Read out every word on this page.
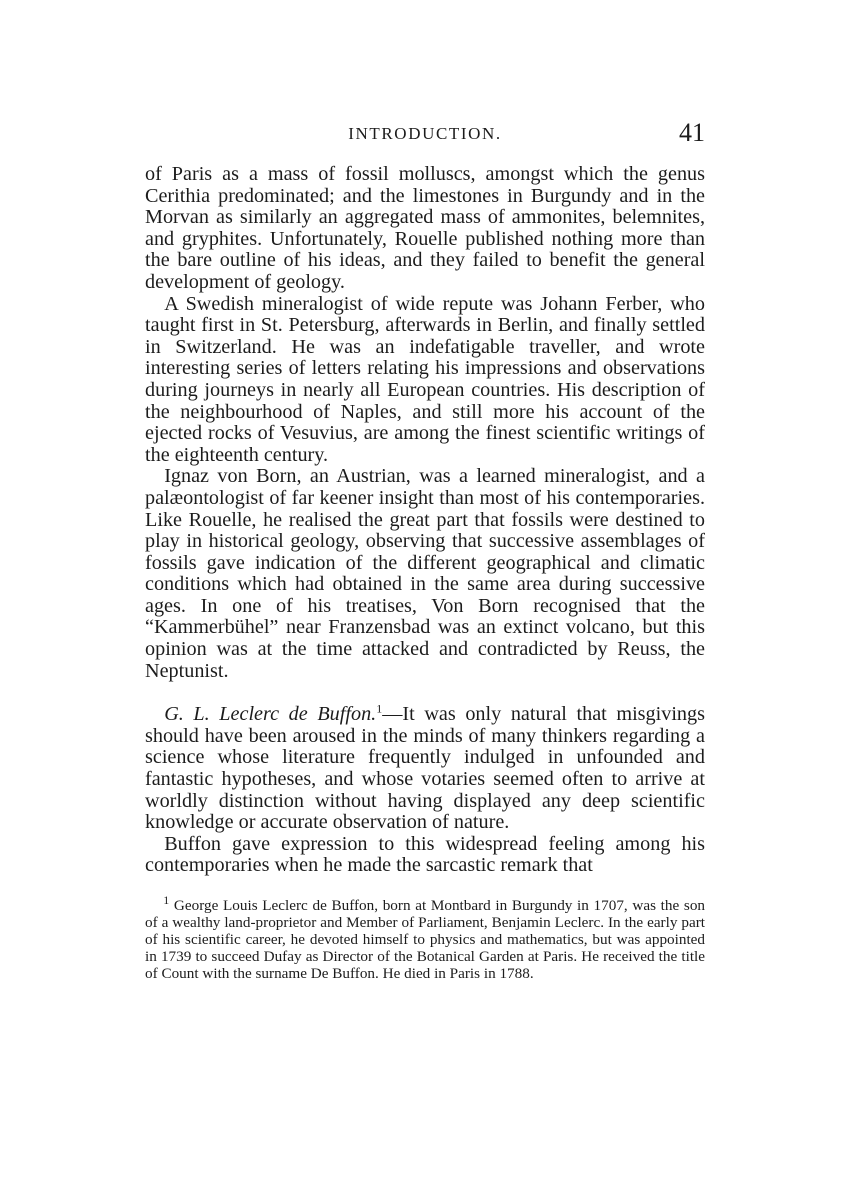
INTRODUCTION.	41

of Paris as a mass of fossil molluscs, amongst which the genus Cerithia predominated; and the limestones in Burgundy and in the Morvan as similarly an aggregated mass of ammonites, belemnites, and gryphites. Unfortunately, Rouelle published nothing more than the bare outline of his ideas, and they failed to benefit the general development of geology.

A Swedish mineralogist of wide repute was Johann Ferber, who taught first in St. Petersburg, afterwards in Berlin, and finally settled in Switzerland. He was an indefatigable traveller, and wrote interesting series of letters relating his impressions and observations during journeys in nearly all European countries. His description of the neighbourhood of Naples, and still more his account of the ejected rocks of Vesuvius, are among the finest scientific writings of the eighteenth century.

Ignaz von Born, an Austrian, was a learned mineralogist, and a palæontologist of far keener insight than most of his contemporaries. Like Rouelle, he realised the great part that fossils were destined to play in historical geology, observing that successive assemblages of fossils gave indication of the different geographical and climatic conditions which had obtained in the same area during successive ages. In one of his treatises, Von Born recognised that the “Kammerbühel” near Franzensbad was an extinct volcano, but this opinion was at the time attacked and contradicted by Reuss, the Neptunist.

G. L. Leclerc de Buffon.$^1$—It was only natural that misgivings should have been aroused in the minds of many thinkers regarding a science whose literature frequently indulged in unfounded and fantastic hypotheses, and whose votaries seemed often to arrive at worldly distinction without having displayed any deep scientific knowledge or accurate observation of nature.

Buffon gave expression to this widespread feeling among his contemporaries when he made the sarcastic remark that

$^1$ George Louis Leclerc de Buffon, born at Montbard in Burgundy in 1707, was the son of a wealthy land-proprietor and Member of Parliament, Benjamin Leclerc. In the early part of his scientific career, he devoted himself to physics and mathematics, but was appointed in 1739 to succeed Dufay as Director of the Botanical Garden at Paris. He received the title of Count with the surname De Buffon. He died in Paris in 1788.
